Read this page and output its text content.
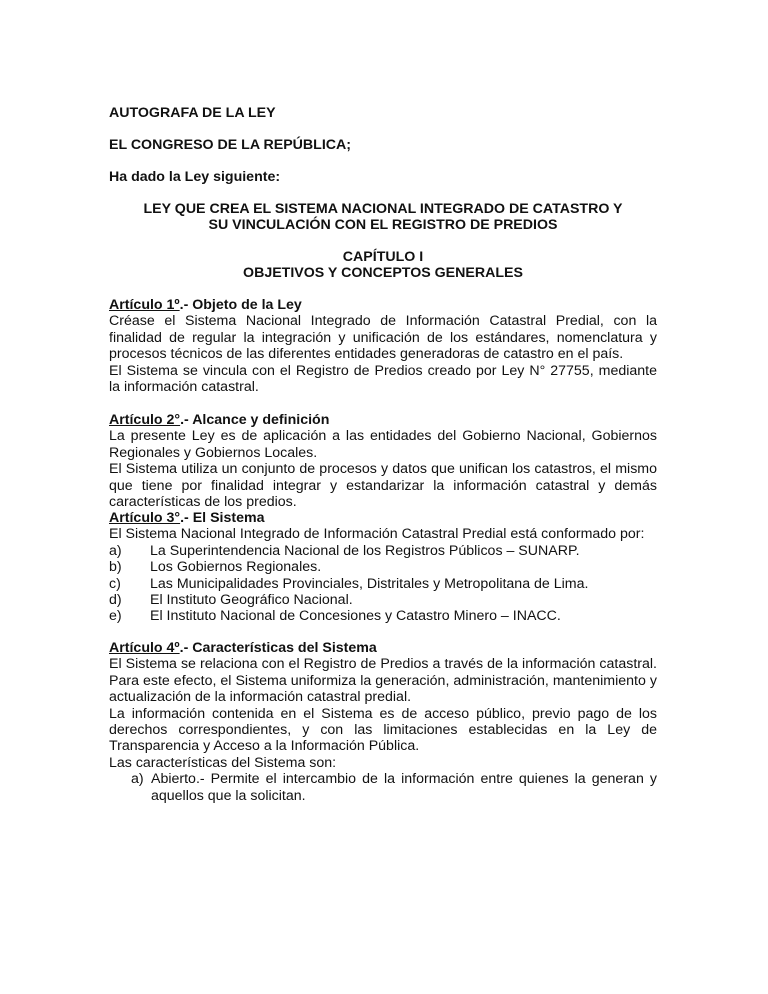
AUTOGRAFA DE LA LEY
EL CONGRESO DE LA REPÚBLICA;
Ha dado la Ley siguiente:
LEY QUE CREA EL SISTEMA NACIONAL INTEGRADO DE CATASTRO Y
SU VINCULACIÓN CON EL REGISTRO DE PREDIOS
CAPÍTULO I
OBJETIVOS Y CONCEPTOS GENERALES
Artículo 1º.- Objeto de la Ley

Créase el Sistema Nacional Integrado de Información Catastral Predial, con la finalidad de regular la integración y unificación de los estándares, nomenclatura y procesos técnicos de las diferentes entidades generadoras de catastro en el país.

El Sistema se vincula con el Registro de Predios creado por Ley N° 27755, mediante la información catastral.

Artículo 2°.- Alcance y definición

La presente Ley es de aplicación a las entidades del Gobierno Nacional, Gobiernos Regionales y Gobiernos Locales.

El Sistema utiliza un conjunto de procesos y datos que unifican los catastros, el mismo que tiene por finalidad integrar y estandarizar la información catastral y demás características de los predios.

Artículo 3°.- El Sistema

El Sistema Nacional Integrado de Información Catastral Predial está conformado por:

a)	La Superintendencia Nacional de los Registros Públicos – SUNARP.
b)	Los Gobiernos Regionales.
c)	Las Municipalidades Provinciales, Distritales y Metropolitana de Lima.
d)	El Instituto Geográfico Nacional.
e)	El Instituto Nacional de Concesiones y Catastro Minero – INACC.
Artículo 4º.- Características del Sistema

El Sistema se relaciona con el Registro de Predios a través de la información catastral. Para este efecto, el Sistema uniformiza la generación, administración, mantenimiento y actualización de la información catastral predial.

La información contenida en el Sistema es de acceso público, previo pago de los derechos correspondientes, y con las limitaciones establecidas en la Ley de Transparencia y Acceso a la Información Pública.

Las características del Sistema son:

a) Abierto.- Permite el intercambio de la información entre quienes la generan y aquellos que la solicitan.
